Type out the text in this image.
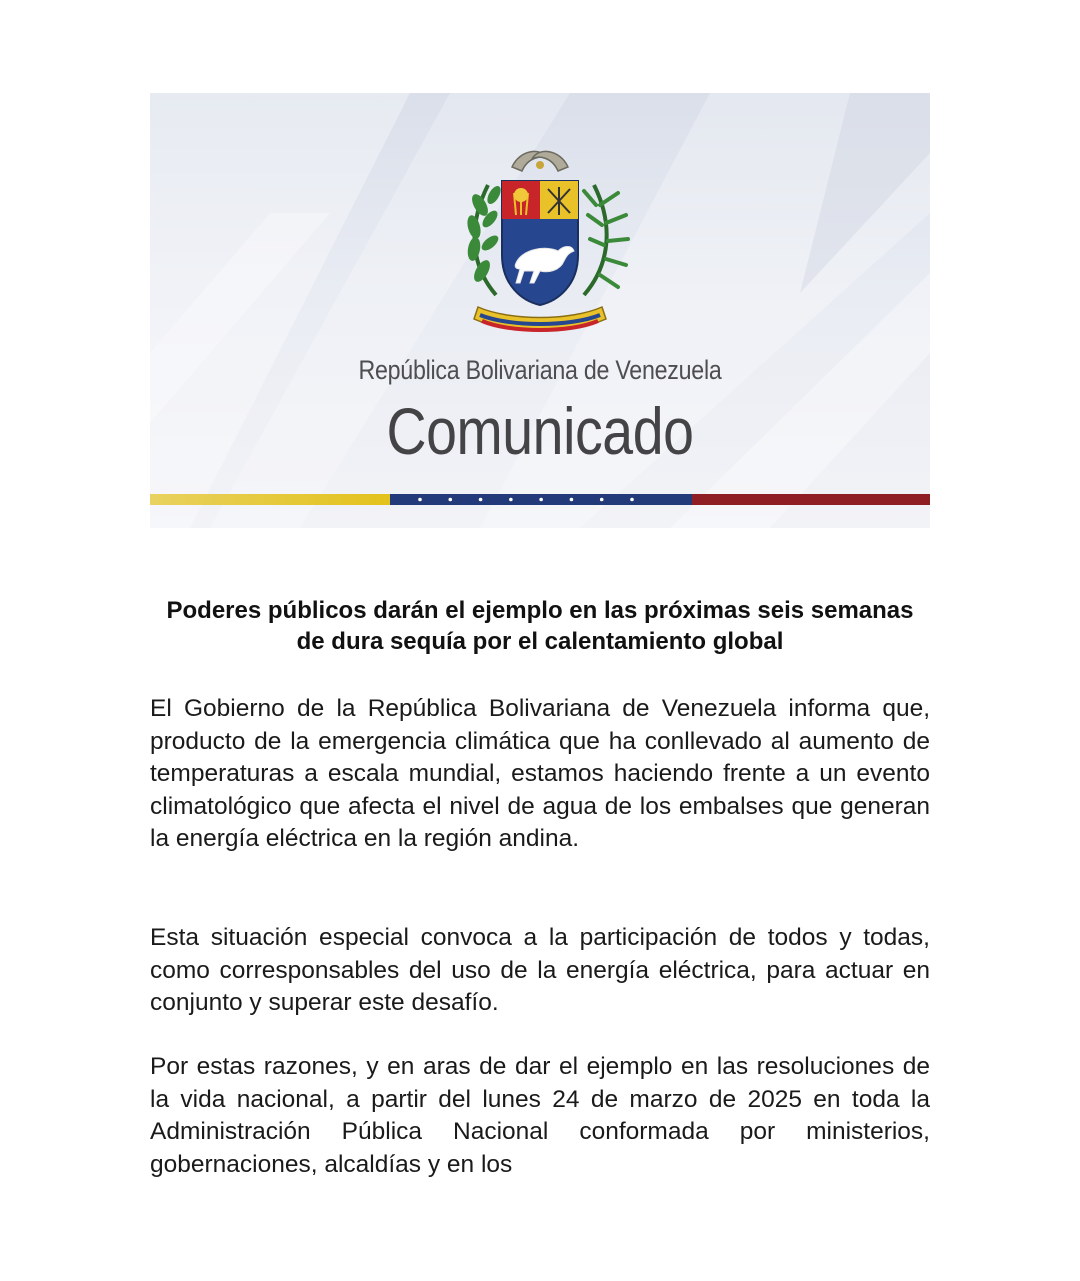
República Bolivariana de Venezuela
Comunicado
Poderes públicos darán el ejemplo en las próximas seis semanas de dura sequía por el calentamiento global

El Gobierno de la República Bolivariana de Venezuela informa que, producto de la emergencia climática que ha conllevado al aumento de temperaturas a escala mundial, estamos haciendo frente a un evento climatológico que afecta el nivel de agua de los embalses que generan la energía eléctrica en la región andina.

Esta situación especial convoca a la participación de todos y todas, como corresponsables del uso de la energía eléctrica, para actuar en conjunto y superar este desafío.

Por estas razones, y en aras de dar el ejemplo en las resoluciones de la vida nacional, a partir del lunes 24 de marzo de 2025 en toda la Administración Pública Nacional conformada por ministerios, gobernaciones, alcaldías y en los
